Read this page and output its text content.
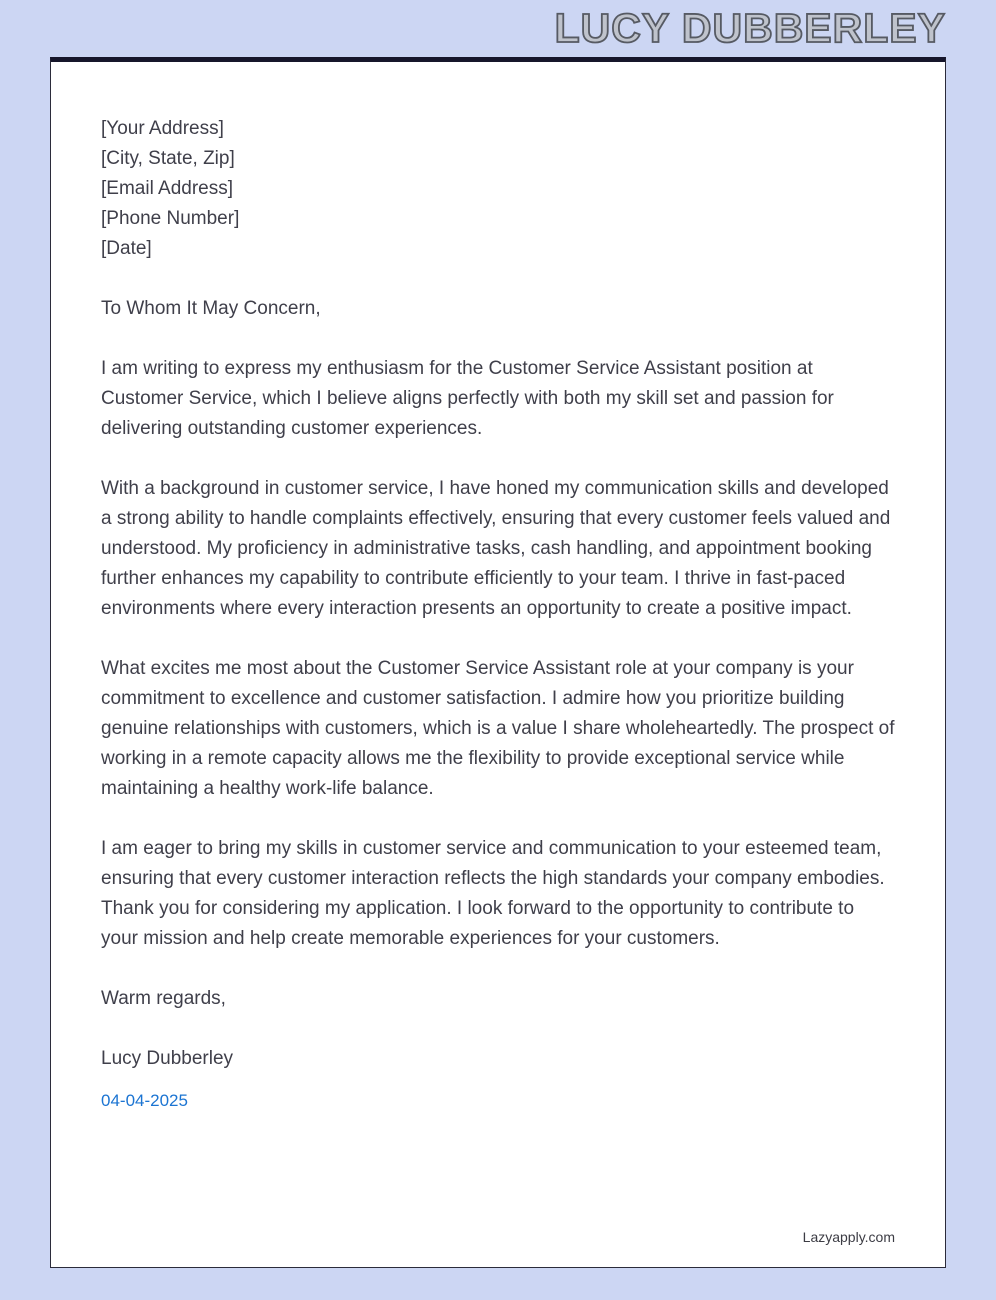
LUCY DUBBERLEY
[Your Address]
[City, State, Zip]
[Email Address]
[Phone Number]
[Date]
To Whom It May Concern,

I am writing to express my enthusiasm for the Customer Service Assistant position at Customer Service, which I believe aligns perfectly with both my skill set and passion for delivering outstanding customer experiences.

With a background in customer service, I have honed my communication skills and developed a strong ability to handle complaints effectively, ensuring that every customer feels valued and understood. My proficiency in administrative tasks, cash handling, and appointment booking further enhances my capability to contribute efficiently to your team. I thrive in fast-paced environments where every interaction presents an opportunity to create a positive impact.

What excites me most about the Customer Service Assistant role at your company is your commitment to excellence and customer satisfaction. I admire how you prioritize building genuine relationships with customers, which is a value I share wholeheartedly. The prospect of working in a remote capacity allows me the flexibility to provide exceptional service while maintaining a healthy work-life balance.

I am eager to bring my skills in customer service and communication to your esteemed team, ensuring that every customer interaction reflects the high standards your company embodies. Thank you for considering my application. I look forward to the opportunity to contribute to your mission and help create memorable experiences for your customers.

Warm regards,
Lucy Dubberley
04-04-2025
Lazyapply.com
